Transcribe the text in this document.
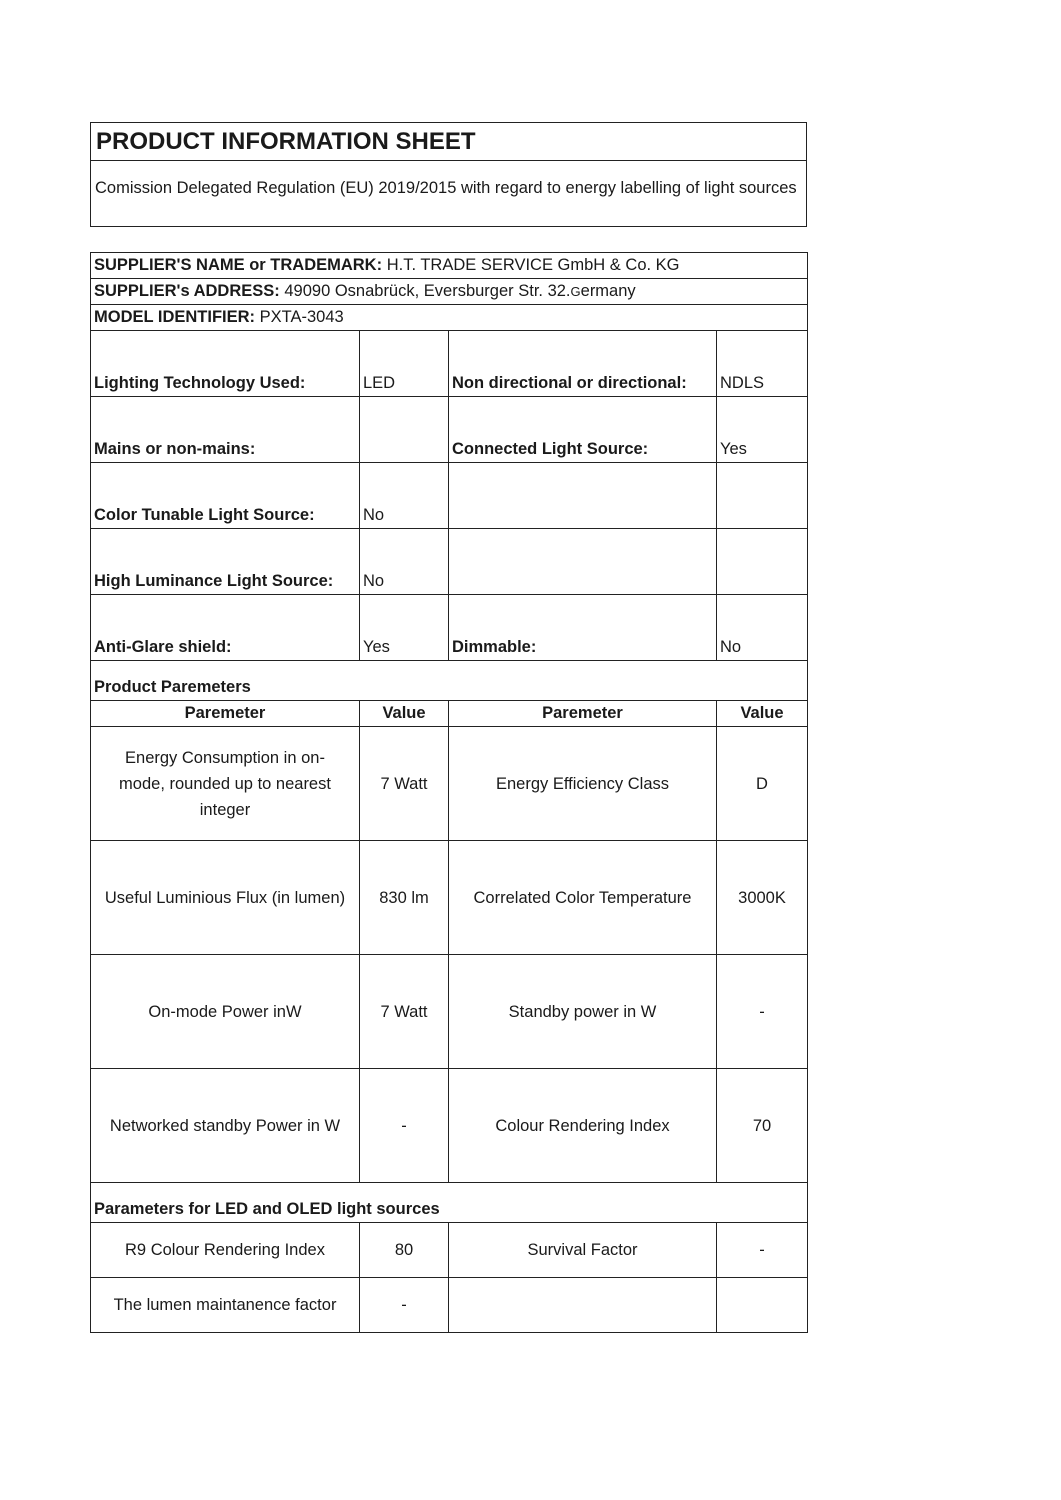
PRODUCT INFORMATION SHEET
Comission Delegated Regulation (EU) 2019/2015 with regard to energy labelling of light sources
SUPPLIER'S NAME or TRADEMARK: H.T. TRADE SERVICE GmbH & Co. KG			
SUPPLIER's ADDRESS: 49090 Osnabrück, Eversburger Str. 32.Germany			
MODEL IDENTIFIER: PXTA-3043			
Lighting Technology Used:	LED	Non directional or directional:	NDLS
Mains or non-mains:		Connected Light Source:	Yes
Color Tunable Light Source:	No		
High Luminance Light Source:	No		
Anti-Glare shield:	Yes	Dimmable:	No
Product Paremeters			
Paremeter	Value	Paremeter	Value
Energy Consumption in on-mode, rounded up to nearest integer	7 Watt	Energy Efficiency Class	D
Useful Luminious Flux (in lumen)	830 lm	Correlated Color Temperature	3000K
On-mode Power inW	7 Watt	Standby power in W	-
Networked standby Power in W	-	Colour Rendering Index	70
Parameters for LED and OLED light sources			
R9 Colour Rendering Index	80	Survival Factor	-
The lumen maintanence factor	-		
